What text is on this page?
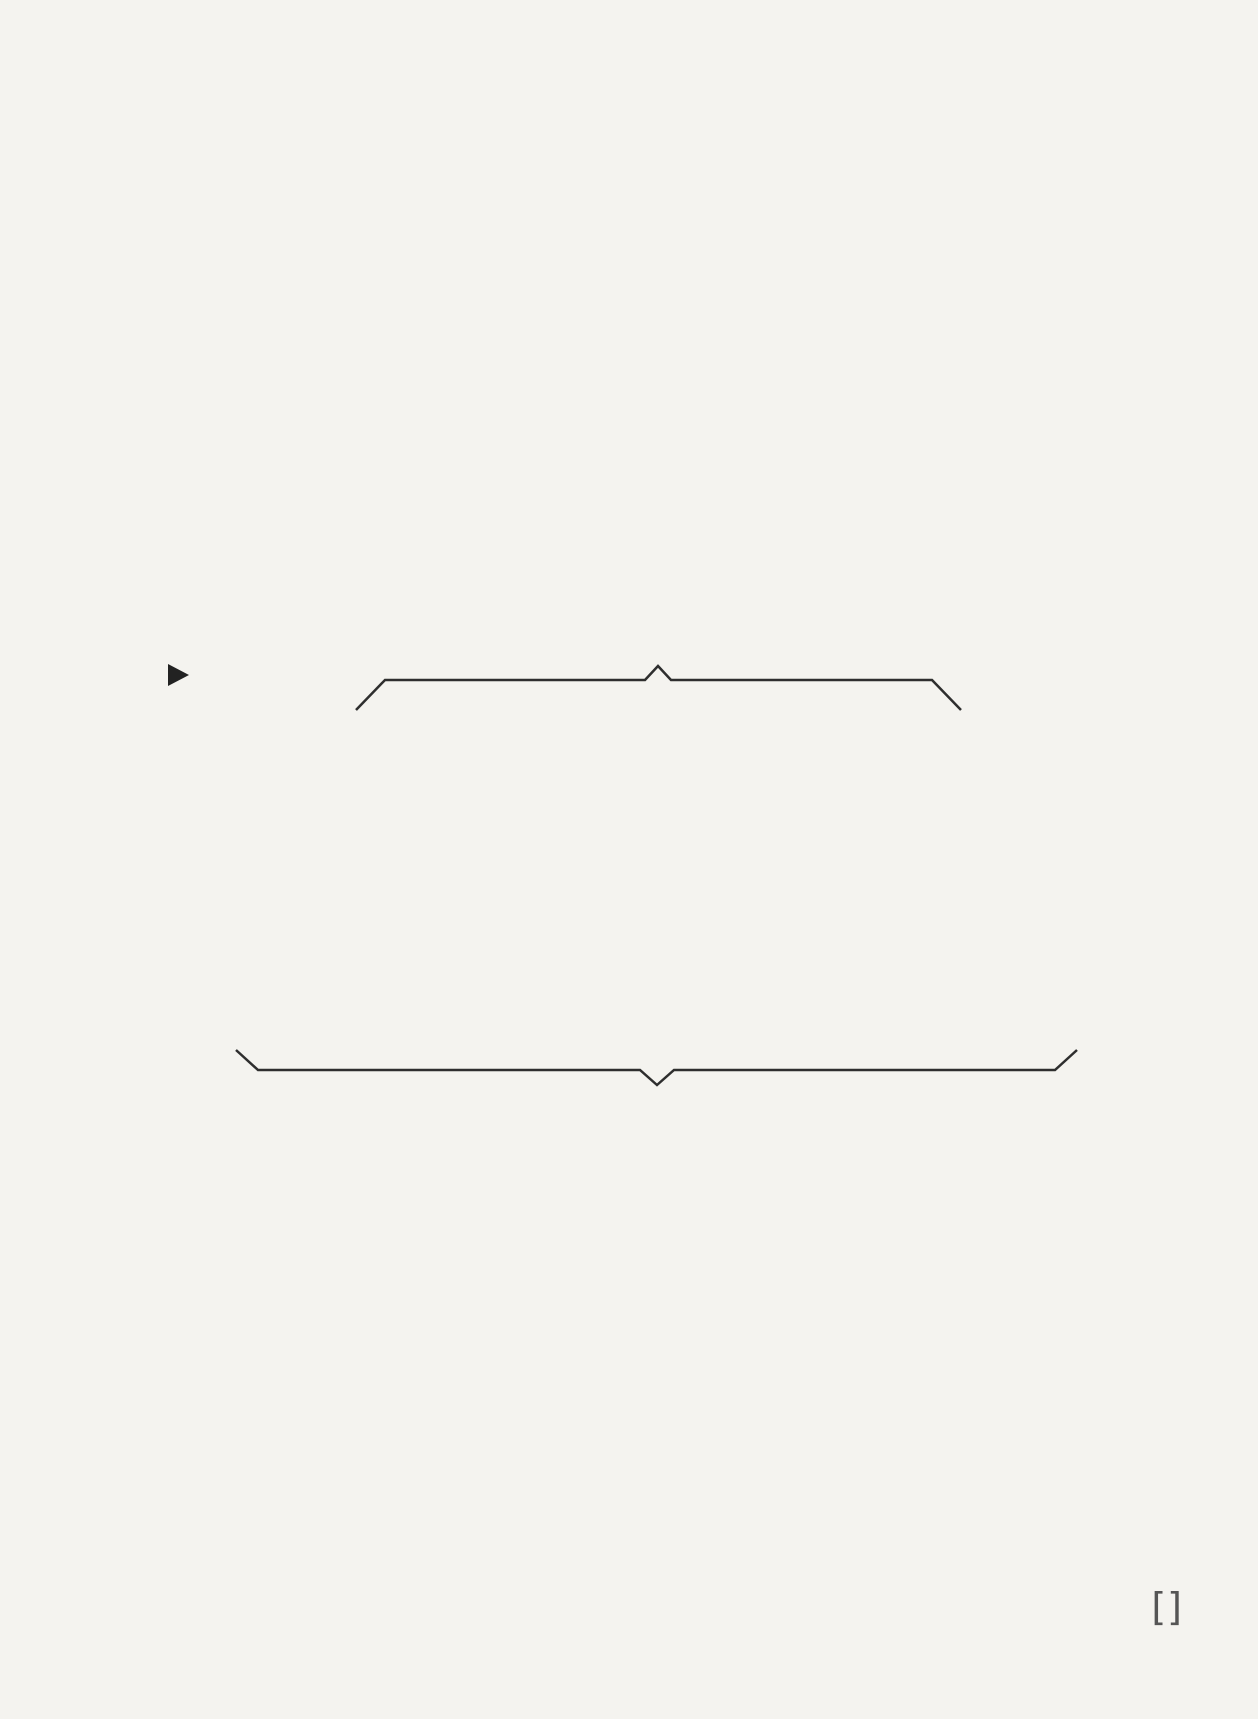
[]
